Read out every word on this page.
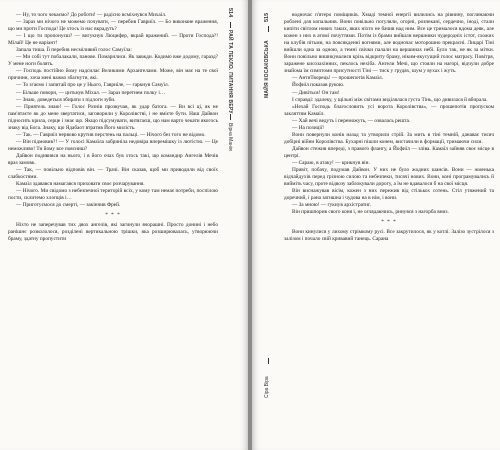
— Ну, то чого чекаємо? До роботи! — радісно всміхнувся Михаїл.

— Зараз ми нічого не можемо почувати, — перебив Гавриїл. — Бо виконане враження, що ми проти Господа! Це хтось із нас вкрадуть?

— І що ти пропонуєш? — вигукнув Люцифер, вкрай вражений. — Проти Господа?! Мілай! Це не варіант!

Запала тиша. Її перебив несміливий голос Самуїла:

— Ми собі тут побалакали, панове. Помарилися. Як завжди. Кодимо вже додому, гаразд? У мене ноги болять.

— Господь постійно йому надсилає Великими Архангелами. Може, він має на те свої причини, хоча мені важко збагнути, які.

— То згаємо і запитай про це у Нього, Гавриїле, — гаркнув Самуїл.

— Більше повори, — цитьнув Міхал. — Зараз перетнем полку і…

— Знаю, доведеться збирати з підлоги зуби.

— Приятель знаю! — Голос Рознів прозвучав, як удар батога. — Ви всі ці, як не пам'ятаєте як до мене звертатися, заговорили у Королівстві, і не вмієте бути. Наш Дайвон підносить крила, серце і знає що. Якщо підсумувати, витягаєш, що нам варто чекати якогось знаку від Бога. Знаку, що Ядабаот втратив Його милість.

— Так. — Гавриїл нервово крутив перстень на пальці. — Нічого без того не відомо.

— Він підмовив?! — У голосі Камаїла забриніла недовіра вперемішку із лютістю. — Це неможливо! Ти йому все поясниш?

Дайвон подивився на нього, і в його очах був хтось такі, що командир Ангелів Мечів враз замовк.

— Так, — повільно відповів він. — Трачі. Він сказав, щоб ми приводили від своїх слабкостями.

Камаїл здавався намагався приховати своє розчарування.

— Нічого. Ми свідомо з небезпечної територій всіх, у кому там немає потреби, поспілою пости, склитемо хлопців і…

— Приготуємося до смерті, — закінчив Фрей.

* * *

Ніхто не заперечував тих двох ангелів, які загинули вчорашні. Просто донині і небо ранішнє розкололося, розділені вертикальною трішки, яка розширювалась, утворюючи браму, здатну пропустити

514
РАЙ ТА ПЕКЛО. ПИТАННЯ ВЕРУ
Вірна Манія
515
МАЙЯ КОСАКОВСЬКА
Сіра Віра

водночас п'ятеро поміщиків. Хмаді темної енергії вилились на рівнину, поглинаючи роблені для копальнив. Вони повільно погуляли, огорні, розпекані, сердечно, іноді, стали кипіти світлом нових таких, яких ніхто не бачив над ним. Все це трималося вдома деяк, але кожен з них в атомі почуттями. Потім із брами вийшли вершники чудеродніх істот, схожих на клубів пітьми, на повсякденні вогнями, але водночас моторошно прекрасні. Лицарі Тіні вийшли одна за одною, а темні свічки палали на вершинах небі. Було так, не як за мітки. Вони повільно вишикувалися крізь відкриту браму, ніким-якусущий голос матрасу. Повітря, заражене кисозахінних, пеклось нехіба. Ангели Мечі, що стояли на нагорі, відчули добре знайома їм симптоми присутності Тіні — тиск у грудях, шум у вухах і жуть.

— АнтиТворець! — прошепотів Камаїл.

Йофиїл показав рукою.

— Дивіться! Он там!

І справді: здалеку, у щільні між світами виділялася густа Тінь, що дивилася й вбирала.

«Нехай Господь благословить усі ворота Королівства», — прошепотів пропуском закляттям Камаїл.

— Хай вечі ведуть і переможуть, — озвалась решта.

— На позиції!

Вони повернули конів назад та утворили стрій. За мить в тіні темній, данаває тисяч добірні війни Королівства. Бухарні пішли конем, вистачили в формації, тримаючи сили.

Дайвон стежив впереді, з правого флангу, а Йофиїл — зліва. Камаїл зайняв своє місце в центрі.

— Сараю, в атаку! — крикнув він.

Привіт, побачу, подумав Дайвон. У них не було жодних шансів. Вони — жменька відчайдухів перед грізною силою та небезпеки, тисячі нових. Вони, коні програмувались й вийміть часу, проте відвозу заблокували дорогу, а їм не вдавалося б на свої місця.

Він виснажував вісім, кожен з них пережив від стількох сотень. Стіл утяжений та доречний, і рана затишна і чудова на в нім, і вони.

— За мною! — гукнув архістратиг.

Він пришпорив свого коня і, не оглядаючись, ринувся з нагорба вниз.

* * *

Вони кинулися у лихому стрімкому русі. Все закрутилося, як у котлі. Залізо зустрілося з залізом і почало свій кривавий танець. Сарана
